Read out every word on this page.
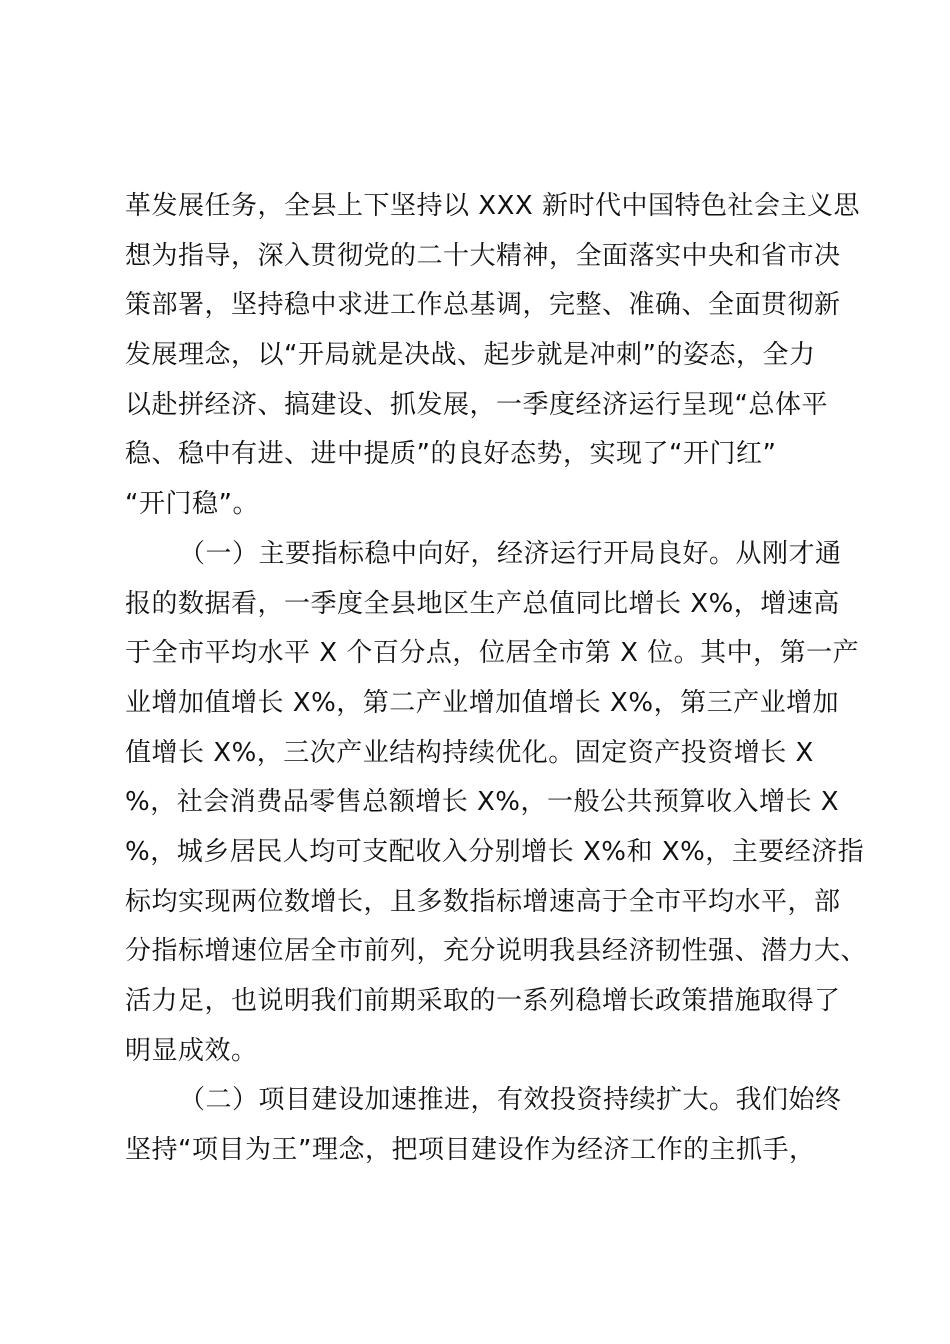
革发展任务，全县上下坚持以 XXX 新时代中国特色社会主义思
想为指导，深入贯彻党的二十大精神，全面落实中央和省市决
策部署，坚持稳中求进工作总基调，完整、准确、全面贯彻新
发展理念，以“开局就是决战、起步就是冲刺”的姿态，全力
以赴拼经济、搞建设、抓发展，一季度经济运行呈现“总体平
稳、稳中有进、进中提质”的良好态势，实现了“开门红”
“开门稳”。
（一）主要指标稳中向好，经济运行开局良好。从刚才通
报的数据看，一季度全县地区生产总值同比增长 X%，增速高
于全市平均水平 X 个百分点，位居全市第 X 位。其中，第一产
业增加值增长 X%，第二产业增加值增长 X%，第三产业增加
值增长 X%，三次产业结构持续优化。固定资产投资增长 X
%，社会消费品零售总额增长 X%，一般公共预算收入增长 X
%，城乡居民人均可支配收入分别增长 X%和 X%，主要经济指
标均实现两位数增长，且多数指标增速高于全市平均水平，部
分指标增速位居全市前列，充分说明我县经济韧性强、潜力大、
活力足，也说明我们前期采取的一系列稳增长政策措施取得了
明显成效。
（二）项目建设加速推进，有效投资持续扩大。我们始终
坚持“项目为王”理念，把项目建设作为经济工作的主抓手，
